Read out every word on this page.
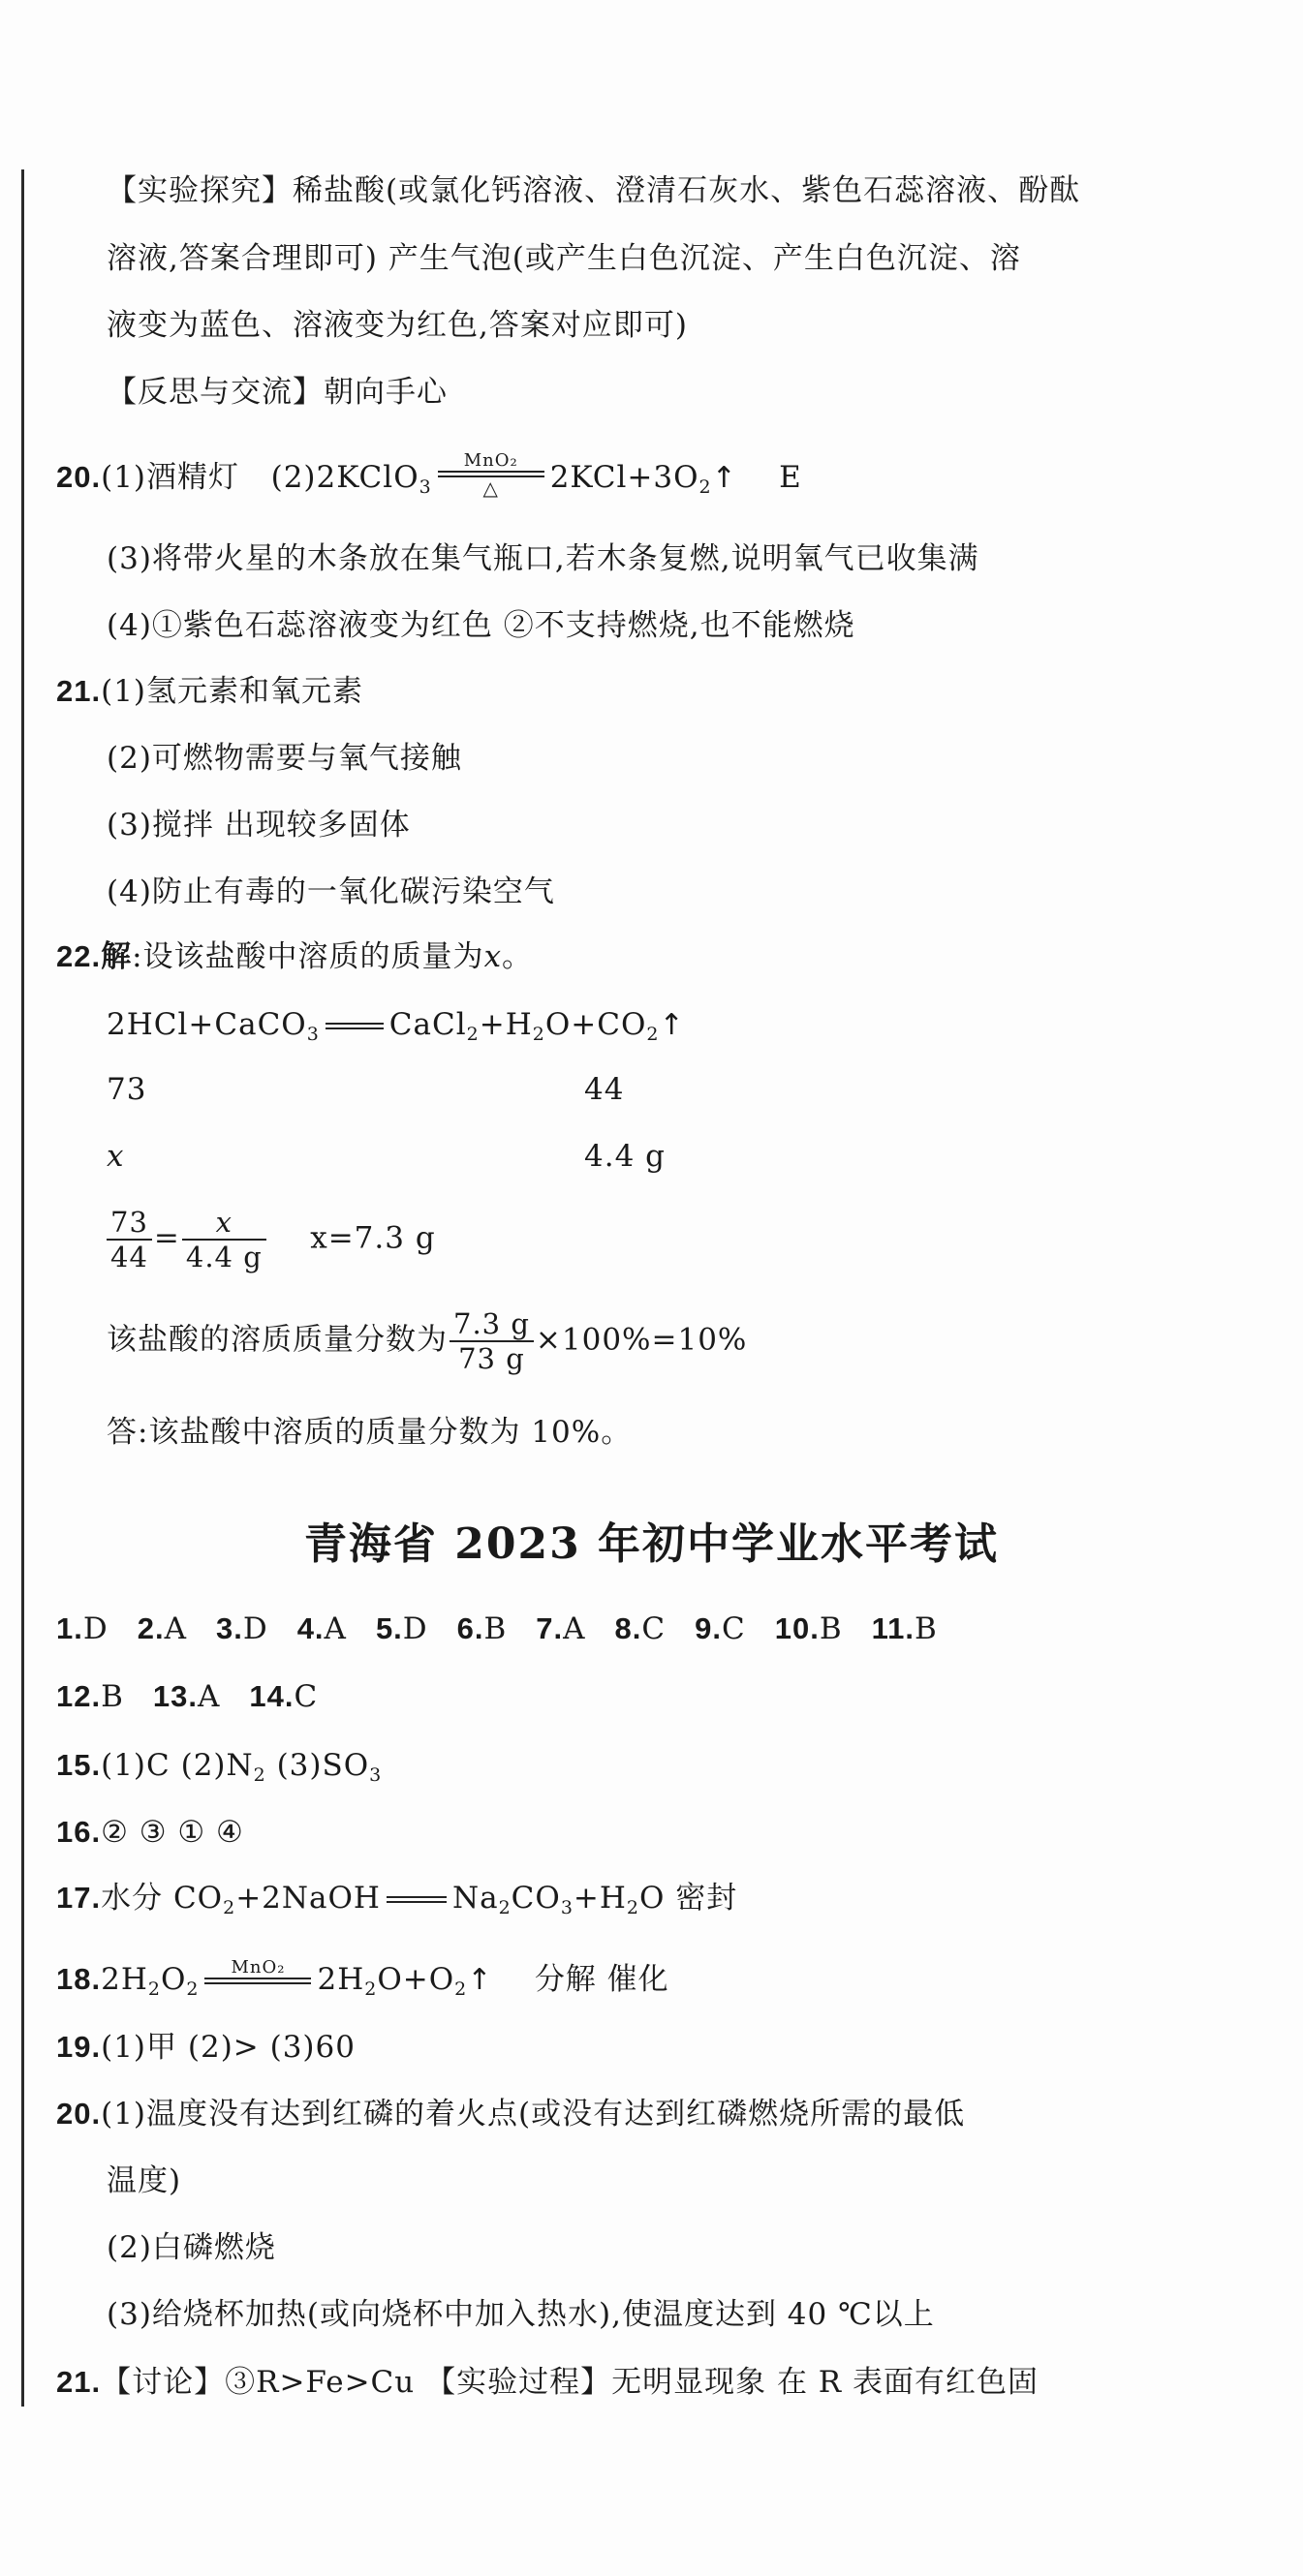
【实验探究】稀盐酸(或氯化钙溶液、澄清石灰水、紫色石蕊溶液、酚酞
溶液,答案合理即可) 产生气泡(或产生白色沉淀、产生白色沉淀、溶
液变为蓝色、溶液变为红色,答案对应即可)
【反思与交流】朝向手心
20.(1)酒精灯 (2)2KClO$_3$
MnO₂
△	$2KCl+3O_2↑$ E
(3)将带火星的木条放在集气瓶口,若木条复燃,说明氧气已收集满
(4)①紫色石蕊溶液变为红色 ②不支持燃烧,也不能燃烧
21.(1)氢元素和氧元素
(2)可燃物需要与氧气接触
(3)搅拌 出现较多固体
(4)防止有毒的一氧化碳污染空气
22.解:设该盐酸中溶质的质量为x。
2HCl+CaCO$_3$ $CaCl_2+H_2O+CO_2↑$
73	44
x	4.4 g
$\frac{73}{44} = \frac{x}{4.4 g} x=7.3$ g
该盐酸的溶质质量分数为 $\frac{7.3 g}{73 g} \times 100\%=10\%$
答:该盐酸中溶质的质量分数为 10%。
青海省 2023 年初中学业水平考试
1.D 2.A 3.D 4.A 5.D 6.B 7.A 8.C 9.C 10.B 11.B
12.B 13.A 14.C
15.(1)C $(2)N_2$ $(3)SO_3$
16.② ③ ① ④
17.水分 $CO_2+2NaOH$ $Na_2CO_3+H_2O$ 密封
$18.2H_2O_2$
MnO₂	$2H_2O+O_2↑$ 分解 催化
19.(1)甲 (2)> (3)60
20.(1)温度没有达到红磷的着火点(或没有达到红磷燃烧所需的最低
温度)
(2)白磷燃烧
(3)给烧杯加热(或向烧杯中加入热水),使温度达到 40 ℃以上
21.【讨论】③R>Fe>Cu 【实验过程】无明显现象 在 R 表面有红色固
